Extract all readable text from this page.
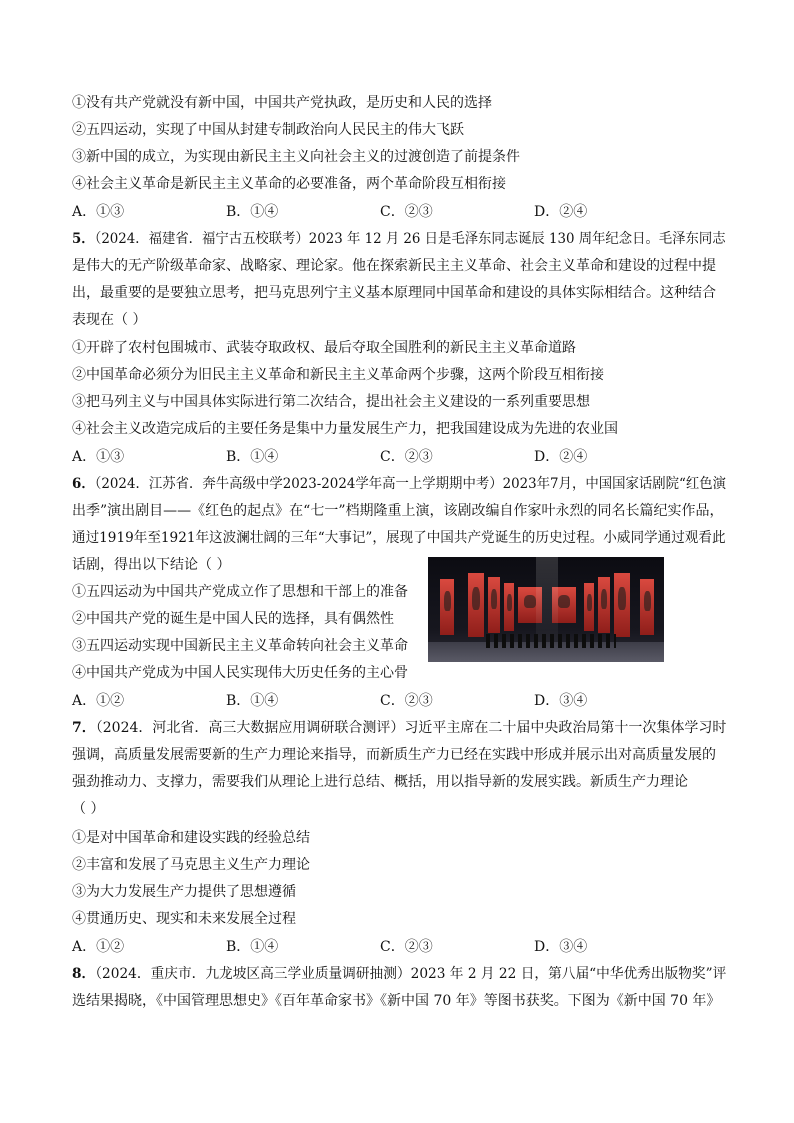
①没有共产党就没有新中国，中国共产党执政，是历史和人民的选择
②五四运动，实现了中国从封建专制政治向人民民主的伟大飞跃
③新中国的成立，为实现由新民主主义向社会主义的过渡创造了前提条件
④社会主义革命是新民主主义革命的必要准备，两个革命阶段互相衔接
A．①③	B．①④	C．②③	D．②④
5．（2024．福建省．福宁古五校联考）2023 年 12 月 26 日是毛泽东同志诞辰 130 周年纪念日。毛泽东同志
是伟大的无产阶级革命家、战略家、理论家。他在探索新民主主义革命、社会主义革命和建设的过程中提
出，最重要的是要独立思考，把马克思列宁主义基本原理同中国革命和建设的具体实际相结合。这种结合
表现在（ ）
①开辟了农村包围城市、武装夺取政权、最后夺取全国胜利的新民主主义革命道路
②中国革命必须分为旧民主主义革命和新民主主义革命两个步骤，这两个阶段互相衔接
③把马列主义与中国具体实际进行第二次结合，提出社会主义建设的一系列重要思想
④社会主义改造完成后的主要任务是集中力量发展生产力，把我国建设成为先进的农业国
A．①③	B．①④	C．②③	D．②④
6．（2024．江苏省．奔牛高级中学2023-2024学年高一上学期期中考）2023年7月，中国国家话剧院“红色演
出季”演出剧目——《红色的起点》在“七一”档期隆重上演，该剧改编自作家叶永烈的同名长篇纪实作品，
通过1919年至1921年这波澜壮阔的三年“大事记”，展现了中国共产党诞生的历史过程。小威同学通过观看此
话剧，得出以下结论（ ）
①五四运动为中国共产党成立作了思想和干部上的准备
②中国共产党的诞生是中国人民的选择，具有偶然性
③五四运动实现中国新民主主义革命转向社会主义革命
④中国共产党成为中国人民实现伟大历史任务的主心骨
A．①②	B．①④	C．②③	D．③④
7．（2024．河北省．高三大数据应用调研联合测评）习近平主席在二十届中央政治局第十一次集体学习时
强调，高质量发展需要新的生产力理论来指导，而新质生产力已经在实践中形成并展示出对高质量发展的
强劲推动力、支撑力，需要我们从理论上进行总结、概括，用以指导新的发展实践。新质生产力理论
（ ）
①是对中国革命和建设实践的经验总结
②丰富和发展了马克思主义生产力理论
③为大力发展生产力提供了思想遵循
④贯通历史、现实和未来发展全过程
A．①②	B．①④	C．②③	D．③④
8．（2024．重庆市．九龙坡区高三学业质量调研抽测）2023 年 2 月 22 日，第八届“中华优秀出版物奖”评
选结果揭晓，《中国管理思想史》《百年革命家书》《新中国 70 年》等图书获奖。下图为《新中国 70 年》
